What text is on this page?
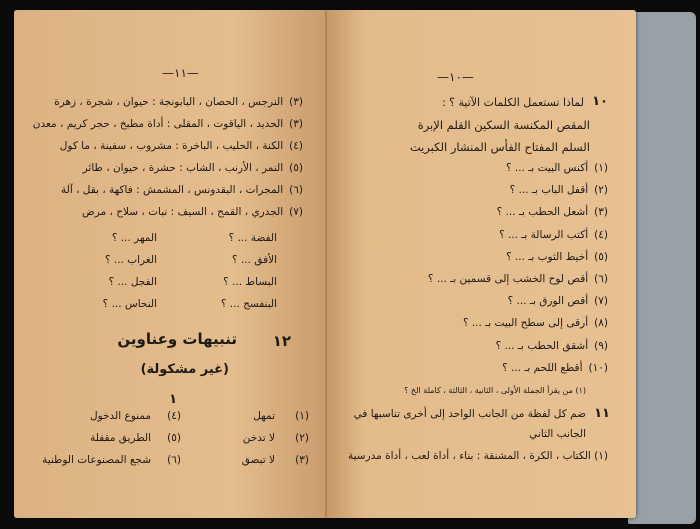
—١١—
(٣)النرجس ، الحصان ، البابونجة : حيوان ، شجرة ، زهرة
(٣)الحديد ، الياقوت ، المقلى : أداة مطبخ ، حجر كريم ، معدن
(٤)الكنة ، الحليب ، الباخرة : مشروب ، سفينة ، ما كول
(٥)النمر ، الأرنب ، الشاب : حشرة ، حيوان ، طائر
(٦)المجرات ، البقدونس ، المشمش : فاكهة ، بقل ، آلة
(٧)الجدري ، القمح ، السيف : نبات ، سلاح ، مرض
الفضة ... ؟
المهر ... ؟
الأفق ... ؟
الغراب ... ؟
البساط ... ؟
الفجل ... ؟
البنفسج ... ؟
النحاس ... ؟
١٢
تنبيهات وعناوين
(غير مشكولة)
١
(١)
تمهل
(٤)
ممنوع الدخول
(٢)
لا تدخن
(٥)
الطريق مقفلة
(٣)
لا تبصق
(٦)
شجع المصنوعات الوطنية
—١٠—
١٠
لماذا تستعمل الكلمات الآتية ؟ :
المقص المكنسة السكين القلم الإبرة
السلم المفتاح الفأس المنشار الكبريت
(١)أكنس البيت بـ ... ؟
(٢)أقفل الباب بـ ... ؟
(٣)أشعل الحطب بـ ... ؟
(٤)أكتب الرسالة بـ ... ؟
(٥)أخيط الثوب بـ ... ؟
(٦)أقص لوح الخشب إلى قسمين بـ ... ؟
(٧)أقص الورق بـ ... ؟
(٨)أرقى إلى سطح البيت بـ ... ؟
(٩)أشقق الحطب بـ ... ؟
(١٠)أقطع اللحم بـ ... ؟
(١) من يقرأ الجملة الأولى ، الثانية ، الثالثة ، كاملة الخ ؟
١١
ضم كل لفظة من الجانب الواحد إلى أخرى تناسبها في
الجانب الثاني
(١) الكتاب ، الكرة ، المشنقة : بناء ، أداة لعب ، أداة مدرسية
